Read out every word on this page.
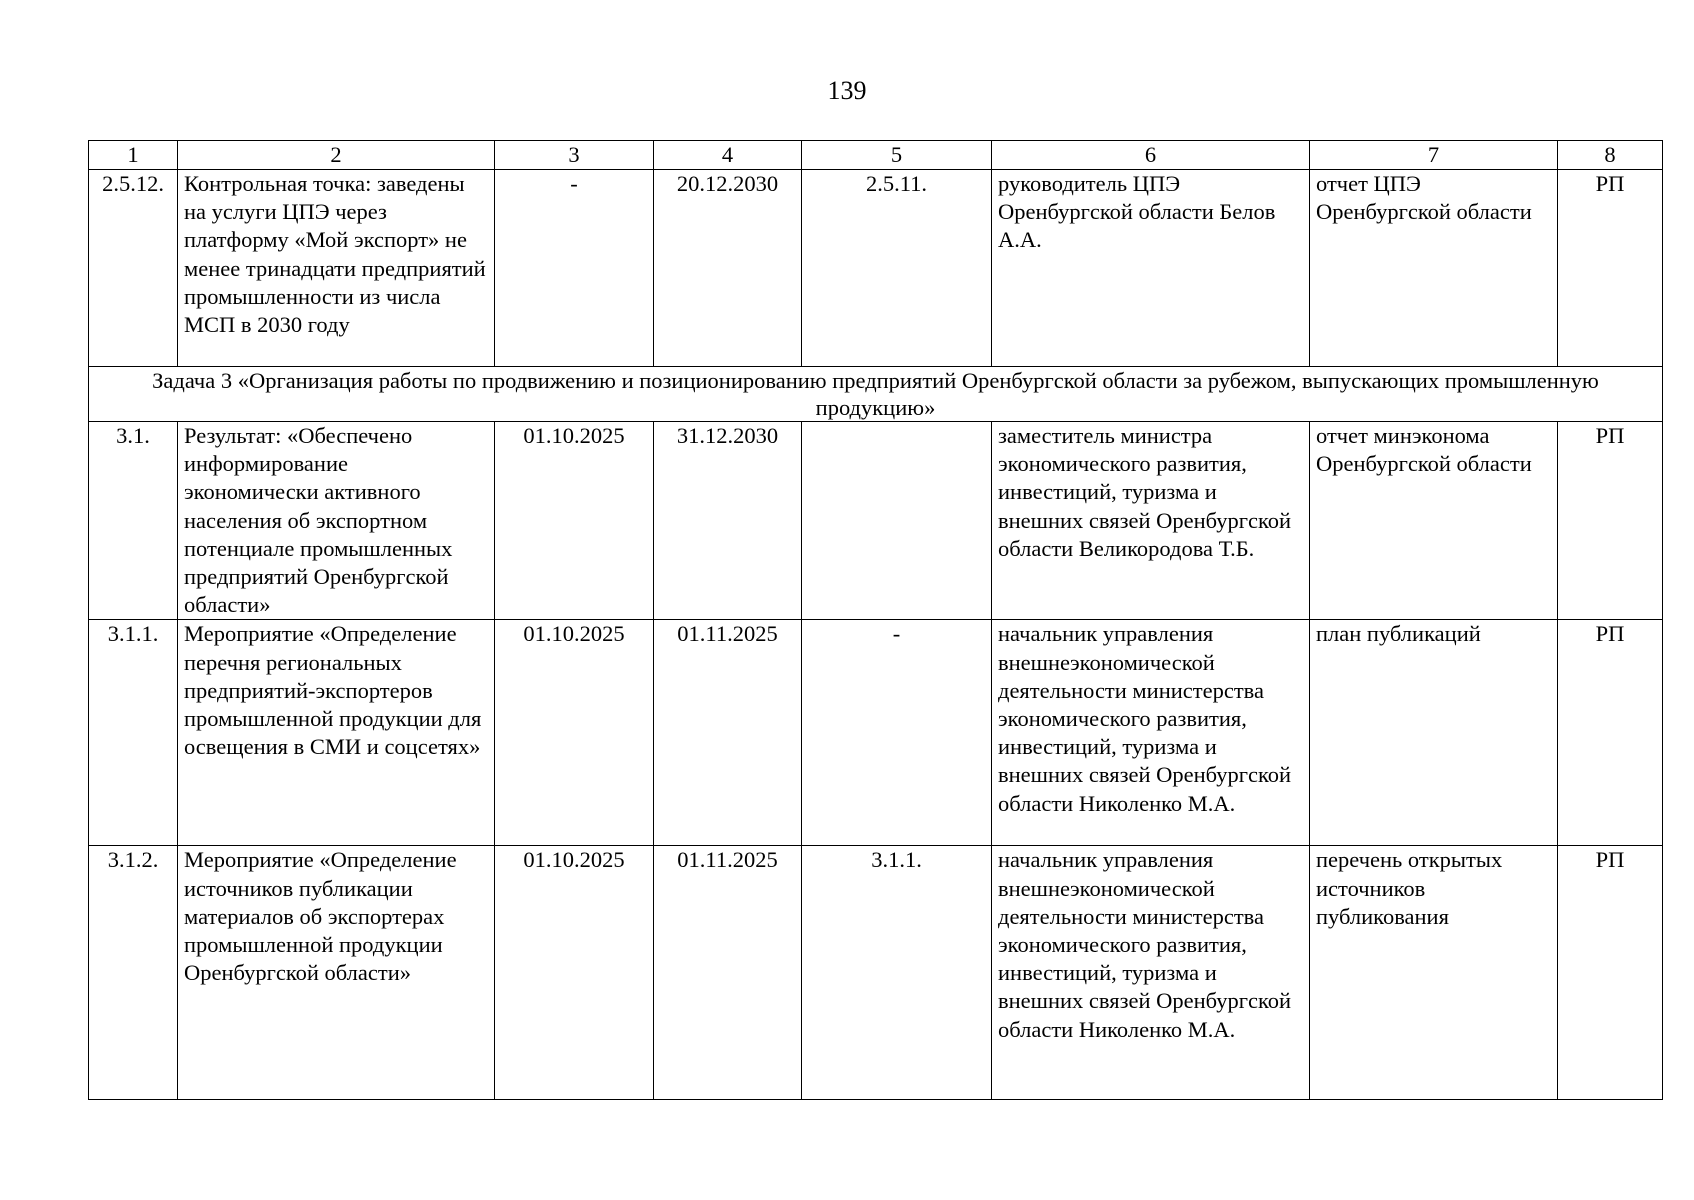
139
1	2	3	4	5	6	7	8
2.5.12.	Контрольная точка: заведены на услуги ЦПЭ через платформу «Мой экспорт» не менее тринадцати предприятий промышленности из числа МСП в 2030 году	-	20.12.2030	2.5.11.	руководитель ЦПЭ Оренбургской области Белов А.А.	отчет ЦПЭ Оренбургской области	РП
Задача 3 «Организация работы по продвижению и позиционированию предприятий Оренбургской области за рубежом, выпускающих промышленную продукцию»							
3.1.	Результат: «Обеспечено информирование экономически активного населения об экспортном потенциале промышленных предприятий Оренбургской области»	01.10.2025	31.12.2030		заместитель министра экономического развития, инвестиций, туризма и внешних связей Оренбургской области Великородова Т.Б.	отчет минэконома Оренбургской области	РП
3.1.1.	Мероприятие «Определение перечня региональных предприятий-экспортеров промышленной продукции для освещения в СМИ и соцсетях»	01.10.2025	01.11.2025	-	начальник управления внешнеэкономической деятельности министерства экономического развития, инвестиций, туризма и внешних связей Оренбургской области Николенко М.А.	план публикаций	РП
3.1.2.	Мероприятие «Определение источников публикации материалов об экспортерах промышленной продукции Оренбургской области»	01.10.2025	01.11.2025	3.1.1.	начальник управления внешнеэкономической деятельности министерства экономического развития, инвестиций, туризма и внешних связей Оренбургской области Николенко М.А.	перечень открытых источников публикования	РП
